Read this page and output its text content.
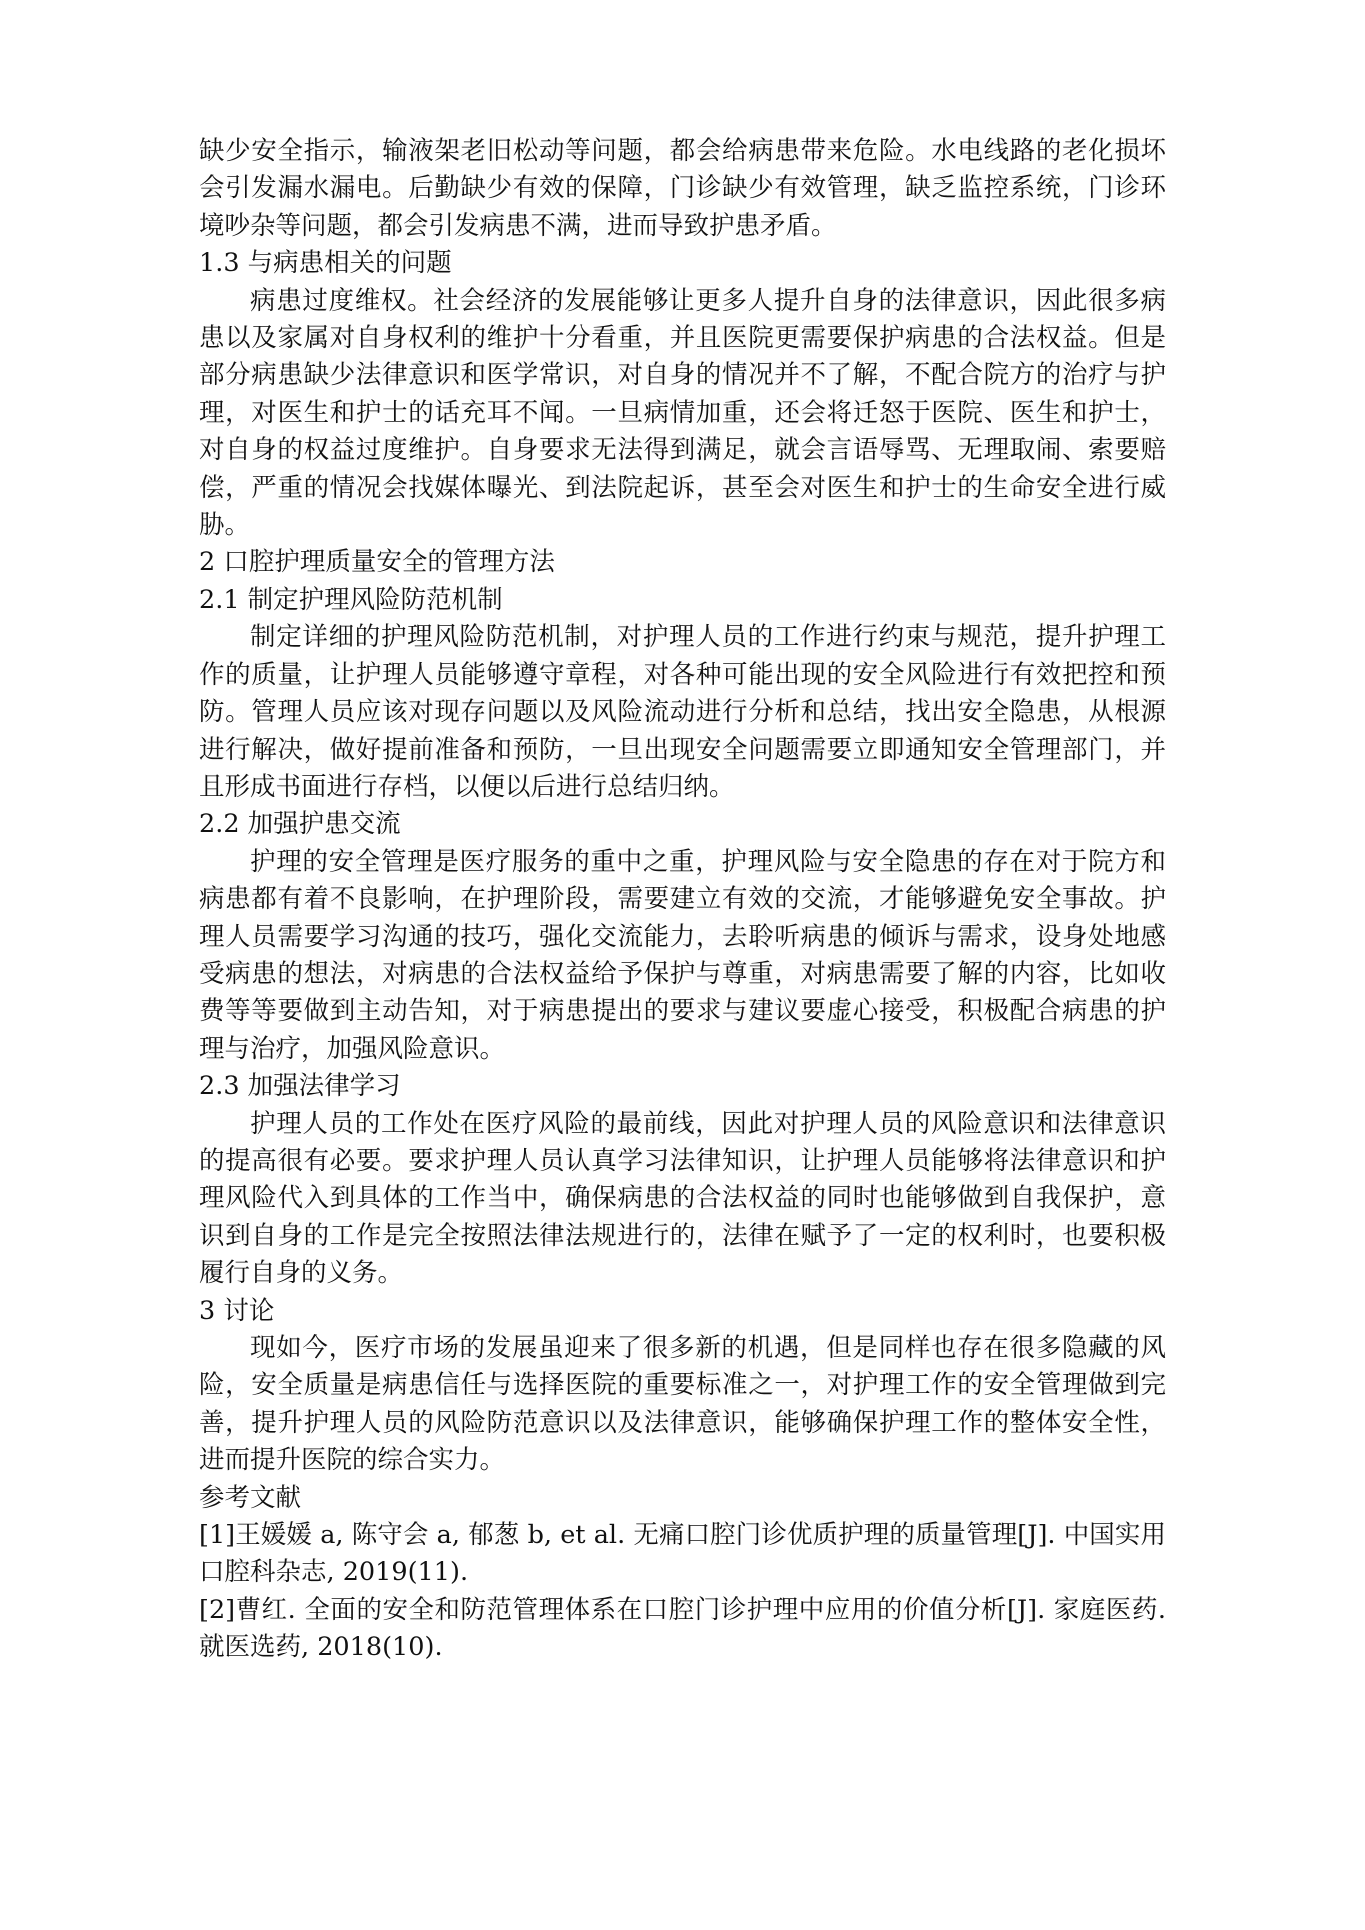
缺少安全指示，输液架老旧松动等问题，都会给病患带来危险。水电线路的老化损坏会引发漏水漏电。后勤缺少有效的保障，门诊缺少有效管理，缺乏监控系统，门诊环境吵杂等问题，都会引发病患不满，进而导致护患矛盾。
1.3 与病患相关的问题
病患过度维权。社会经济的发展能够让更多人提升自身的法律意识，因此很多病患以及家属对自身权利的维护十分看重，并且医院更需要保护病患的合法权益。但是部分病患缺少法律意识和医学常识，对自身的情况并不了解，不配合院方的治疗与护理，对医生和护士的话充耳不闻。一旦病情加重，还会将迁怒于医院、医生和护士，对自身的权益过度维护。自身要求无法得到满足，就会言语辱骂、无理取闹、索要赔偿，严重的情况会找媒体曝光、到法院起诉，甚至会对医生和护士的生命安全进行威胁。
2 口腔护理质量安全的管理方法
2.1 制定护理风险防范机制
制定详细的护理风险防范机制，对护理人员的工作进行约束与规范，提升护理工作的质量，让护理人员能够遵守章程，对各种可能出现的安全风险进行有效把控和预防。管理人员应该对现存问题以及风险流动进行分析和总结，找出安全隐患，从根源进行解决，做好提前准备和预防，一旦出现安全问题需要立即通知安全管理部门，并且形成书面进行存档，以便以后进行总结归纳。
2.2 加强护患交流
护理的安全管理是医疗服务的重中之重，护理风险与安全隐患的存在对于院方和病患都有着不良影响，在护理阶段，需要建立有效的交流，才能够避免安全事故。护理人员需要学习沟通的技巧，强化交流能力，去聆听病患的倾诉与需求，设身处地感受病患的想法，对病患的合法权益给予保护与尊重，对病患需要了解的内容，比如收费等等要做到主动告知，对于病患提出的要求与建议要虚心接受，积极配合病患的护理与治疗，加强风险意识。
2.3 加强法律学习
护理人员的工作处在医疗风险的最前线，因此对护理人员的风险意识和法律意识的提高很有必要。要求护理人员认真学习法律知识，让护理人员能够将法律意识和护理风险代入到具体的工作当中，确保病患的合法权益的同时也能够做到自我保护，意识到自身的工作是完全按照法律法规进行的，法律在赋予了一定的权利时，也要积极履行自身的义务。
3 讨论
现如今，医疗市场的发展虽迎来了很多新的机遇，但是同样也存在很多隐藏的风险，安全质量是病患信任与选择医院的重要标准之一，对护理工作的安全管理做到完善，提升护理人员的风险防范意识以及法律意识，能够确保护理工作的整体安全性，进而提升医院的综合实力。
参考文献
[1]王媛媛 a, 陈守会 a, 郁葱 b, et al. 无痛口腔门诊优质护理的质量管理[J]. 中国实用口腔科杂志, 2019(11).
[2]曹红. 全面的安全和防范管理体系在口腔门诊护理中应用的价值分析[J]. 家庭医药.就医选药, 2018(10).
